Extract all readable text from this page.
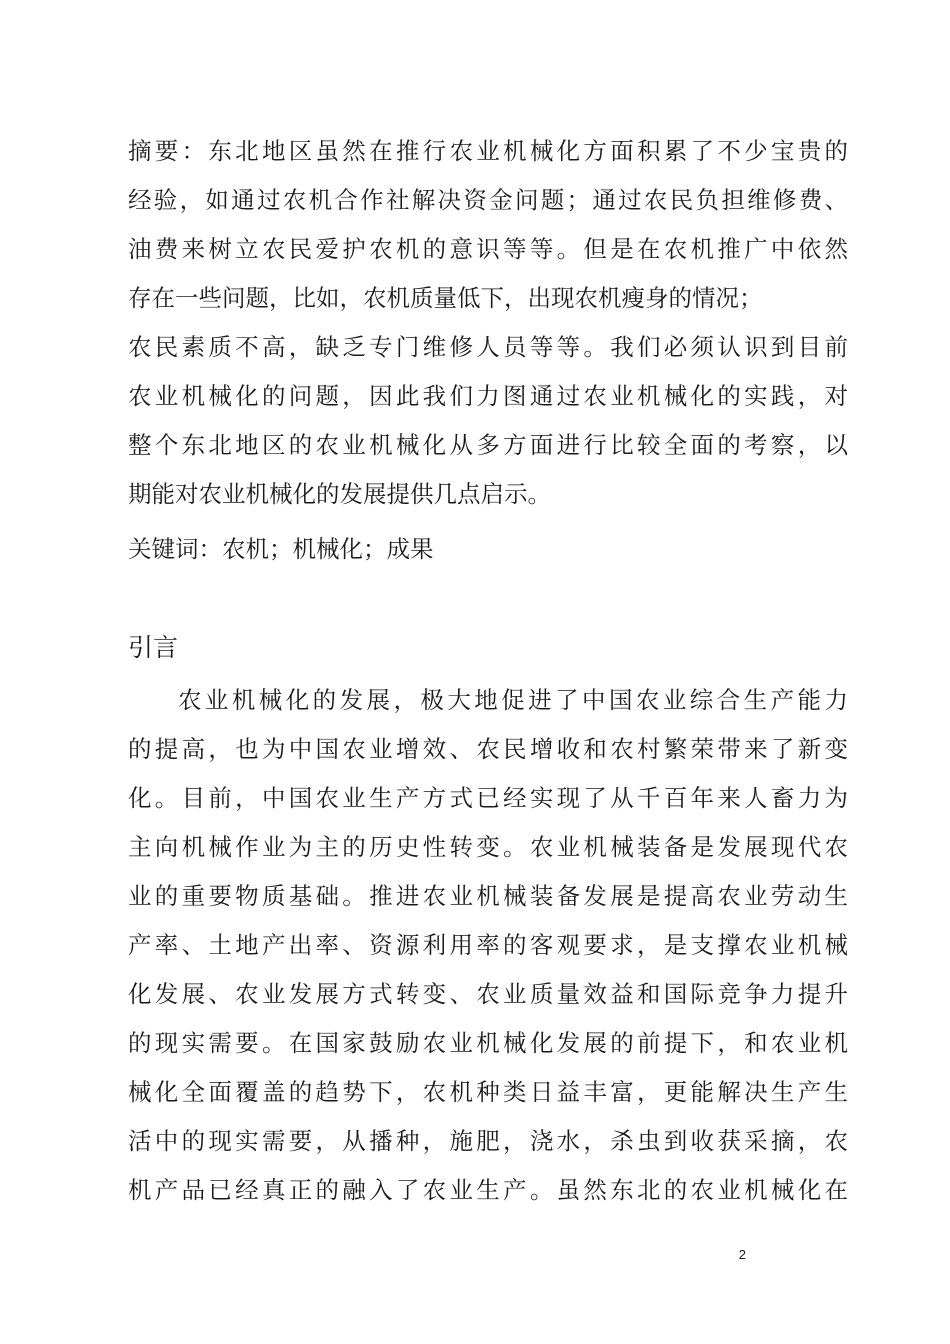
摘要：东北地区虽然在推行农业机械化方面积累了不少宝贵的
经验，如通过农机合作社解决资金问题；通过农民负担维修费、
油费来树立农民爱护农机的意识等等。但是在农机推广中依然
存在一些问题，比如，农机质量低下，出现农机瘦身的情况；
农民素质不高，缺乏专门维修人员等等。我们必须认识到目前
农业机械化的问题，因此我们力图通过农业机械化的实践，对
整个东北地区的农业机械化从多方面进行比较全面的考察，以
期能对农业机械化的发展提供几点启示。
关键词：农机；机械化；成果
引言
农业机械化的发展，极大地促进了中国农业综合生产能力
的提高，也为中国农业增效、农民增收和农村繁荣带来了新变
化。目前，中国农业生产方式已经实现了从千百年来人畜力为
主向机械作业为主的历史性转变。农业机械装备是发展现代农
业的重要物质基础。推进农业机械装备发展是提高农业劳动生
产率、土地产出率、资源利用率的客观要求，是支撑农业机械
化发展、农业发展方式转变、农业质量效益和国际竞争力提升
的现实需要。在国家鼓励农业机械化发展的前提下，和农业机
械化全面覆盖的趋势下，农机种类日益丰富，更能解决生产生
活中的现实需要，从播种，施肥，浇水，杀虫到收获采摘，农
机产品已经真正的融入了农业生产。虽然东北的农业机械化在
2
